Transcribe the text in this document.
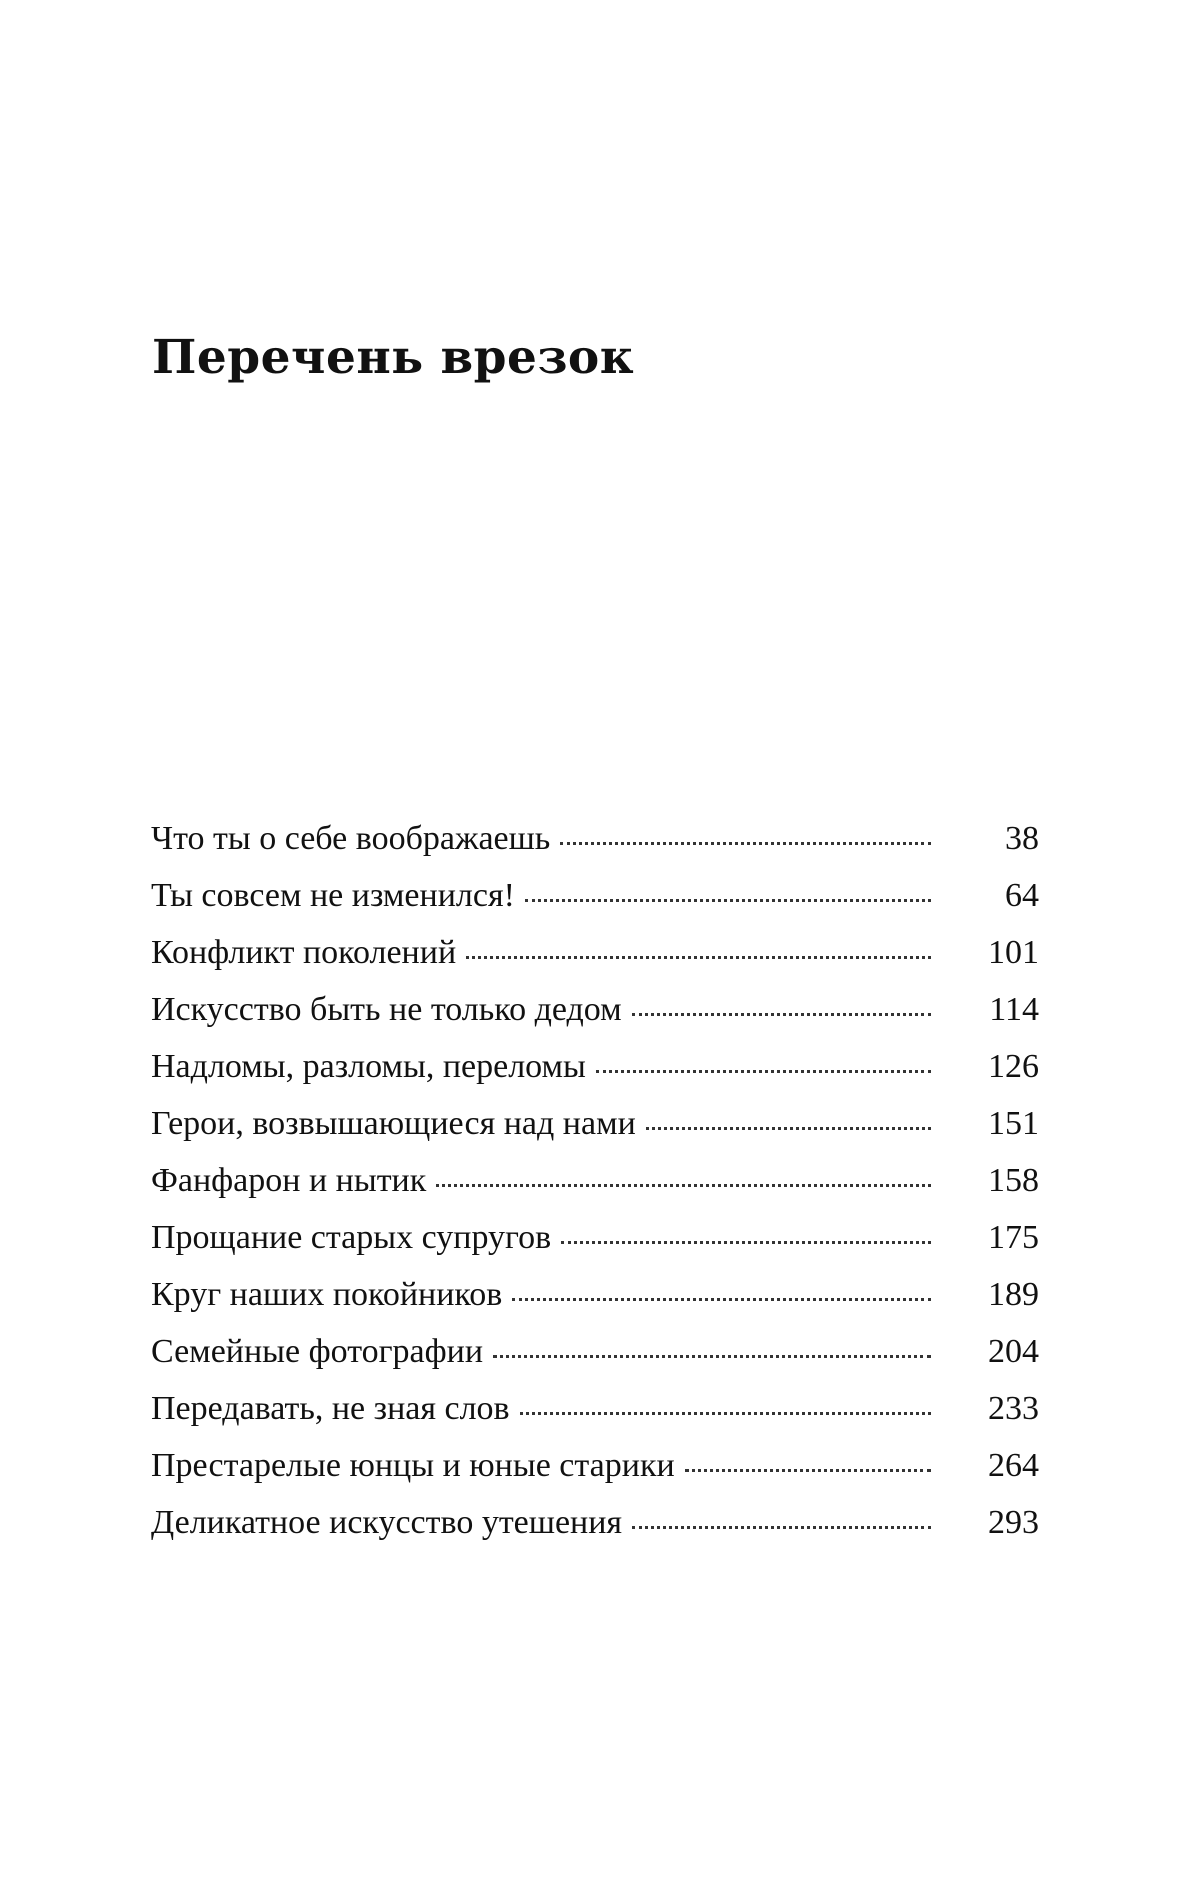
Перечень врезок
Что ты о себе воображаешь	38
Ты совсем не изменился!	64
Конфликт поколений	101
Искусство быть не только дедом	114
Надломы, разломы, переломы	126
Герои, возвышающиеся над нами	151
Фанфарон и нытик	158
Прощание старых супругов	175
Круг наших покойников	189
Семейные фотографии	204
Передавать, не зная слов	233
Престарелые юнцы и юные старики	264
Деликатное искусство утешения	293
